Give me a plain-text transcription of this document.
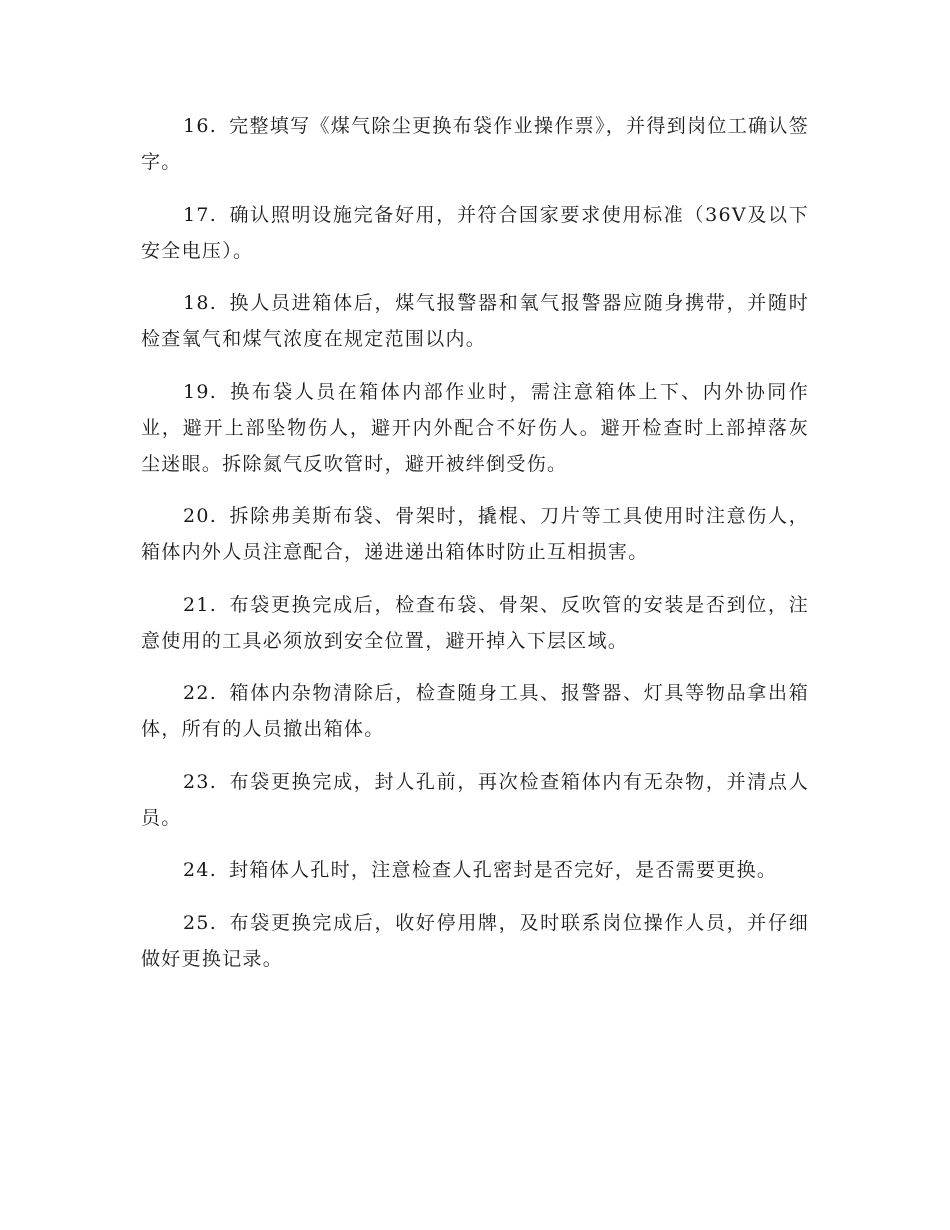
16. 完整填写《煤气除尘更换布袋作业操作票》，并得到岗位工确认签字。

17. 确认照明设施完备好用，并符合国家要求使用标准（36V及以下安全电压）。

18. 换人员进箱体后，煤气报警器和氧气报警器应随身携带，并随时检查氧气和煤气浓度在规定范围以内。

19. 换布袋人员在箱体内部作业时，需注意箱体上下、内外协同作业，避开上部坠物伤人，避开内外配合不好伤人。避开检查时上部掉落灰尘迷眼。拆除氮气反吹管时，避开被绊倒受伤。

20. 拆除弗美斯布袋、骨架时，撬棍、刀片等工具使用时注意伤人，箱体内外人员注意配合，递进递出箱体时防止互相损害。

21. 布袋更换完成后，检查布袋、骨架、反吹管的安装是否到位，注意使用的工具必须放到安全位置，避开掉入下层区域。

22. 箱体内杂物清除后，检查随身工具、报警器、灯具等物品拿出箱体，所有的人员撤出箱体。

23. 布袋更换完成，封人孔前，再次检查箱体内有无杂物，并清点人员。

24. 封箱体人孔时，注意检查人孔密封是否完好，是否需要更换。

25. 布袋更换完成后，收好停用牌，及时联系岗位操作人员，并仔细做好更换记录。
